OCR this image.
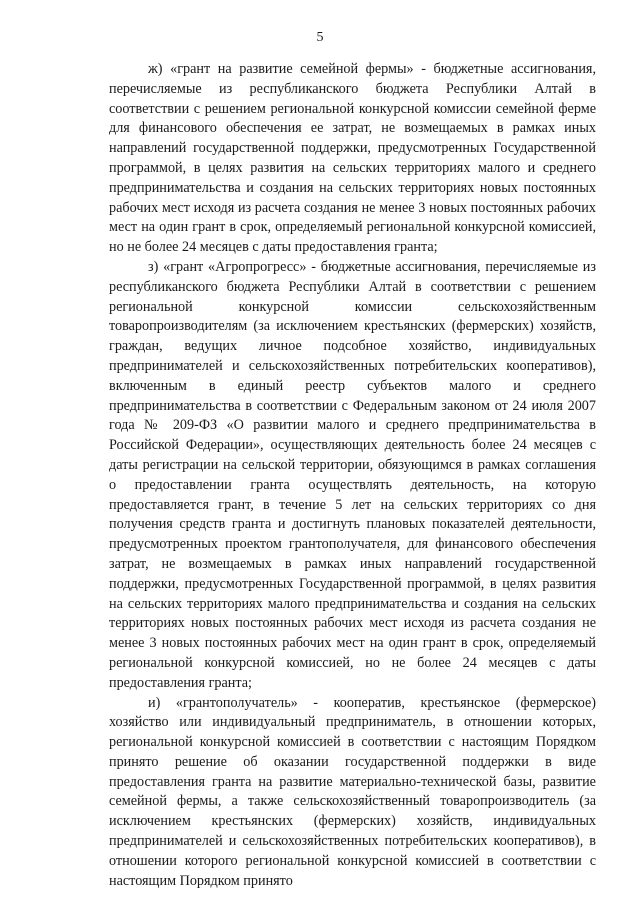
5

ж) «грант на развитие семейной фермы» - бюджетные ассигнования, перечисляемые из республиканского бюджета Республики Алтай в соответствии с решением региональной конкурсной комиссии семейной ферме для финансового обеспечения ее затрат, не возмещаемых в рамках иных направлений государственной поддержки, предусмотренных Государственной программой, в целях развития на сельских территориях малого и среднего предпринимательства и создания на сельских территориях новых постоянных рабочих мест исходя из расчета создания не менее 3 новых постоянных рабочих мест на один грант в срок, определяемый региональной конкурсной комиссией, но не более 24 месяцев с даты предоставления гранта;

з) «грант «Агропрогресс» - бюджетные ассигнования, перечисляемые из республиканского бюджета Республики Алтай в соответствии с решением региональной конкурсной комиссии сельскохозяйственным товаропроизводителям (за исключением крестьянских (фермерских) хозяйств, граждан, ведущих личное подсобное хозяйство, индивидуальных предпринимателей и сельскохозяйственных потребительских кооперативов), включенным в единый реестр субъектов малого и среднего предпринимательства в соответствии с Федеральным законом от 24 июля 2007 года № 209-ФЗ «О развитии малого и среднего предпринимательства в Российской Федерации», осуществляющих деятельность более 24 месяцев с даты регистрации на сельской территории, обязующимся в рамках соглашения о предоставлении гранта осуществлять деятельность, на которую предоставляется грант, в течение 5 лет на сельских территориях со дня получения средств гранта и достигнуть плановых показателей деятельности, предусмотренных проектом грантополучателя, для финансового обеспечения затрат, не возмещаемых в рамках иных направлений государственной поддержки, предусмотренных Государственной программой, в целях развития на сельских территориях малого предпринимательства и создания на сельских территориях новых постоянных рабочих мест исходя из расчета создания не менее 3 новых постоянных рабочих мест на один грант в срок, определяемый региональной конкурсной комиссией, но не более 24 месяцев с даты предоставления гранта;

и) «грантополучатель» - кооператив, крестьянское (фермерское) хозяйство или индивидуальный предприниматель, в отношении которых, региональной конкурсной комиссией в соответствии с настоящим Порядком принято решение об оказании государственной поддержки в виде предоставления гранта на развитие материально-технической базы, развитие семейной фермы, а также сельскохозяйственный товаропроизводитель (за исключением крестьянских (фермерских) хозяйств, индивидуальных предпринимателей и сельскохозяйственных потребительских кооперативов), в отношении которого региональной конкурсной комиссией в соответствии с настоящим Порядком принято
